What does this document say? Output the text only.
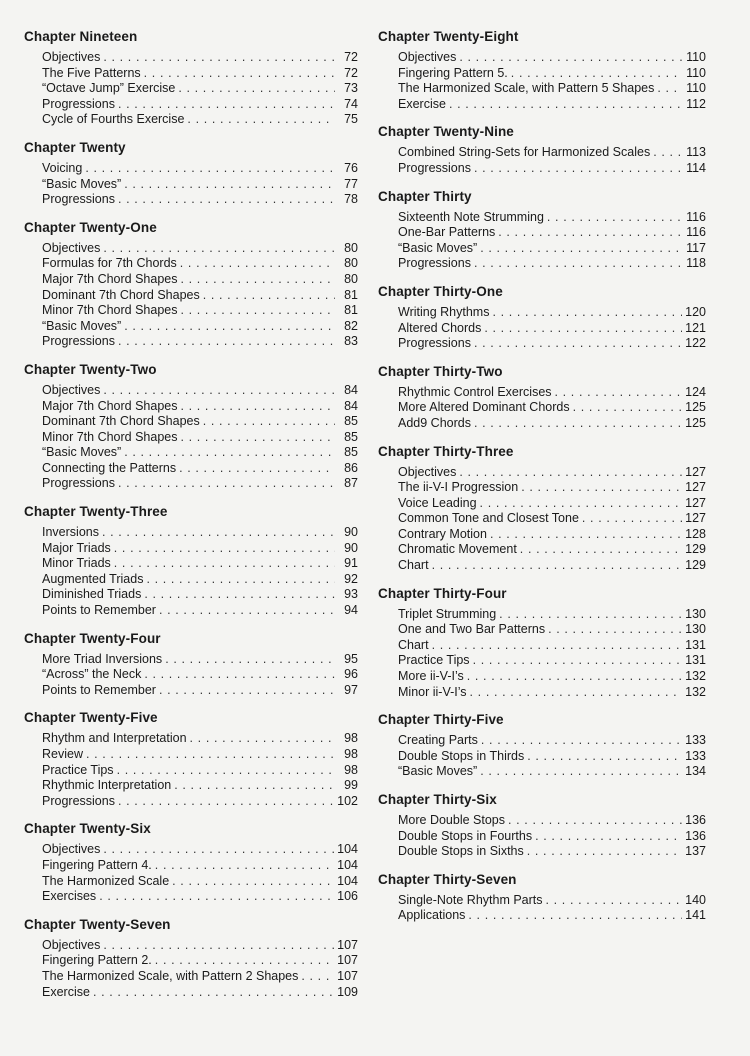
Chapter Nineteen
Objectives . . .	72
The Five Patterns . . .	72
“Octave Jump” Exercise . . .	73
Progressions . . .	74
Cycle of Fourths Exercise . . .	75
Chapter Twenty
Voicing . . .	76
“Basic Moves” . . .	77
Progressions . . .	78
Chapter Twenty-One
Objectives . . .	80
Formulas for 7th Chords . . .	80
Major 7th Chord Shapes . . .	80
Dominant 7th Chord Shapes . . .	81
Minor 7th Chord Shapes . . .	81
“Basic Moves” . . .	82
Progressions . . .	83
Chapter Twenty-Two
Objectives . . .	84
Major 7th Chord Shapes . . .	84
Dominant 7th Chord Shapes . . .	85
Minor 7th Chord Shapes . . .	85
“Basic Moves” . . .	85
Connecting the Patterns . . .	86
Progressions . . .	87
Chapter Twenty-Three
Inversions . . .	90
Major Triads . . .	90
Minor Triads . . .	91
Augmented Triads . . .	92
Diminished Triads . . .	93
Points to Remember . . .	94
Chapter Twenty-Four
More Triad Inversions . . .	95
“Across” the Neck . . .	96
Points to Remember . . .	97
Chapter Twenty-Five
Rhythm and Interpretation . . .	98
Review . . .	98
Practice Tips . . .	98
Rhythmic Interpretation . . .	99
Progressions . . .	102
Chapter Twenty-Six
Objectives . . .	104
Fingering Pattern 4. . . .	104
The Harmonized Scale . . .	104
Exercises . . .	106
Chapter Twenty-Seven
Objectives . . .	107
Fingering Pattern 2. . . .	107
The Harmonized Scale, with Pattern 2 Shapes . . .	107
Exercise . . .	109
Chapter Twenty-Eight
Objectives . . .	110
Fingering Pattern 5. . . .	110
The Harmonized Scale, with Pattern 5 Shapes . . .	110
Exercise . . .	112
Chapter Twenty-Nine
Combined String-Sets for Harmonized Scales . . .	113
Progressions . . .	114
Chapter Thirty
Sixteenth Note Strumming . . .	116
One-Bar Patterns . . .	116
“Basic Moves” . . .	117
Progressions . . .	118
Chapter Thirty-One
Writing Rhythms . . .	120
Altered Chords . . .	121
Progressions . . .	122
Chapter Thirty-Two
Rhythmic Control Exercises . . .	124
More Altered Dominant Chords . . .	125
Add9 Chords . . .	125
Chapter Thirty-Three
Objectives . . .	127
The ii-V-I Progression . . .	127
Voice Leading . . .	127
Common Tone and Closest Tone . . .	127
Contrary Motion . . .	128
Chromatic Movement . . .	129
Chart . . .	129
Chapter Thirty-Four
Triplet Strumming . . .	130
One and Two Bar Patterns . . .	130
Chart . . .	131
Practice Tips . . .	131
More ii-V-I’s . . .	132
Minor ii-V-I’s . . .	132
Chapter Thirty-Five
Creating Parts . . .	133
Double Stops in Thirds . . .	133
“Basic Moves” . . .	134
Chapter Thirty-Six
More Double Stops . . .	136
Double Stops in Fourths . . .	136
Double Stops in Sixths . . .	137
Chapter Thirty-Seven
Single-Note Rhythm Parts . . .	140
Applications . . .	141
